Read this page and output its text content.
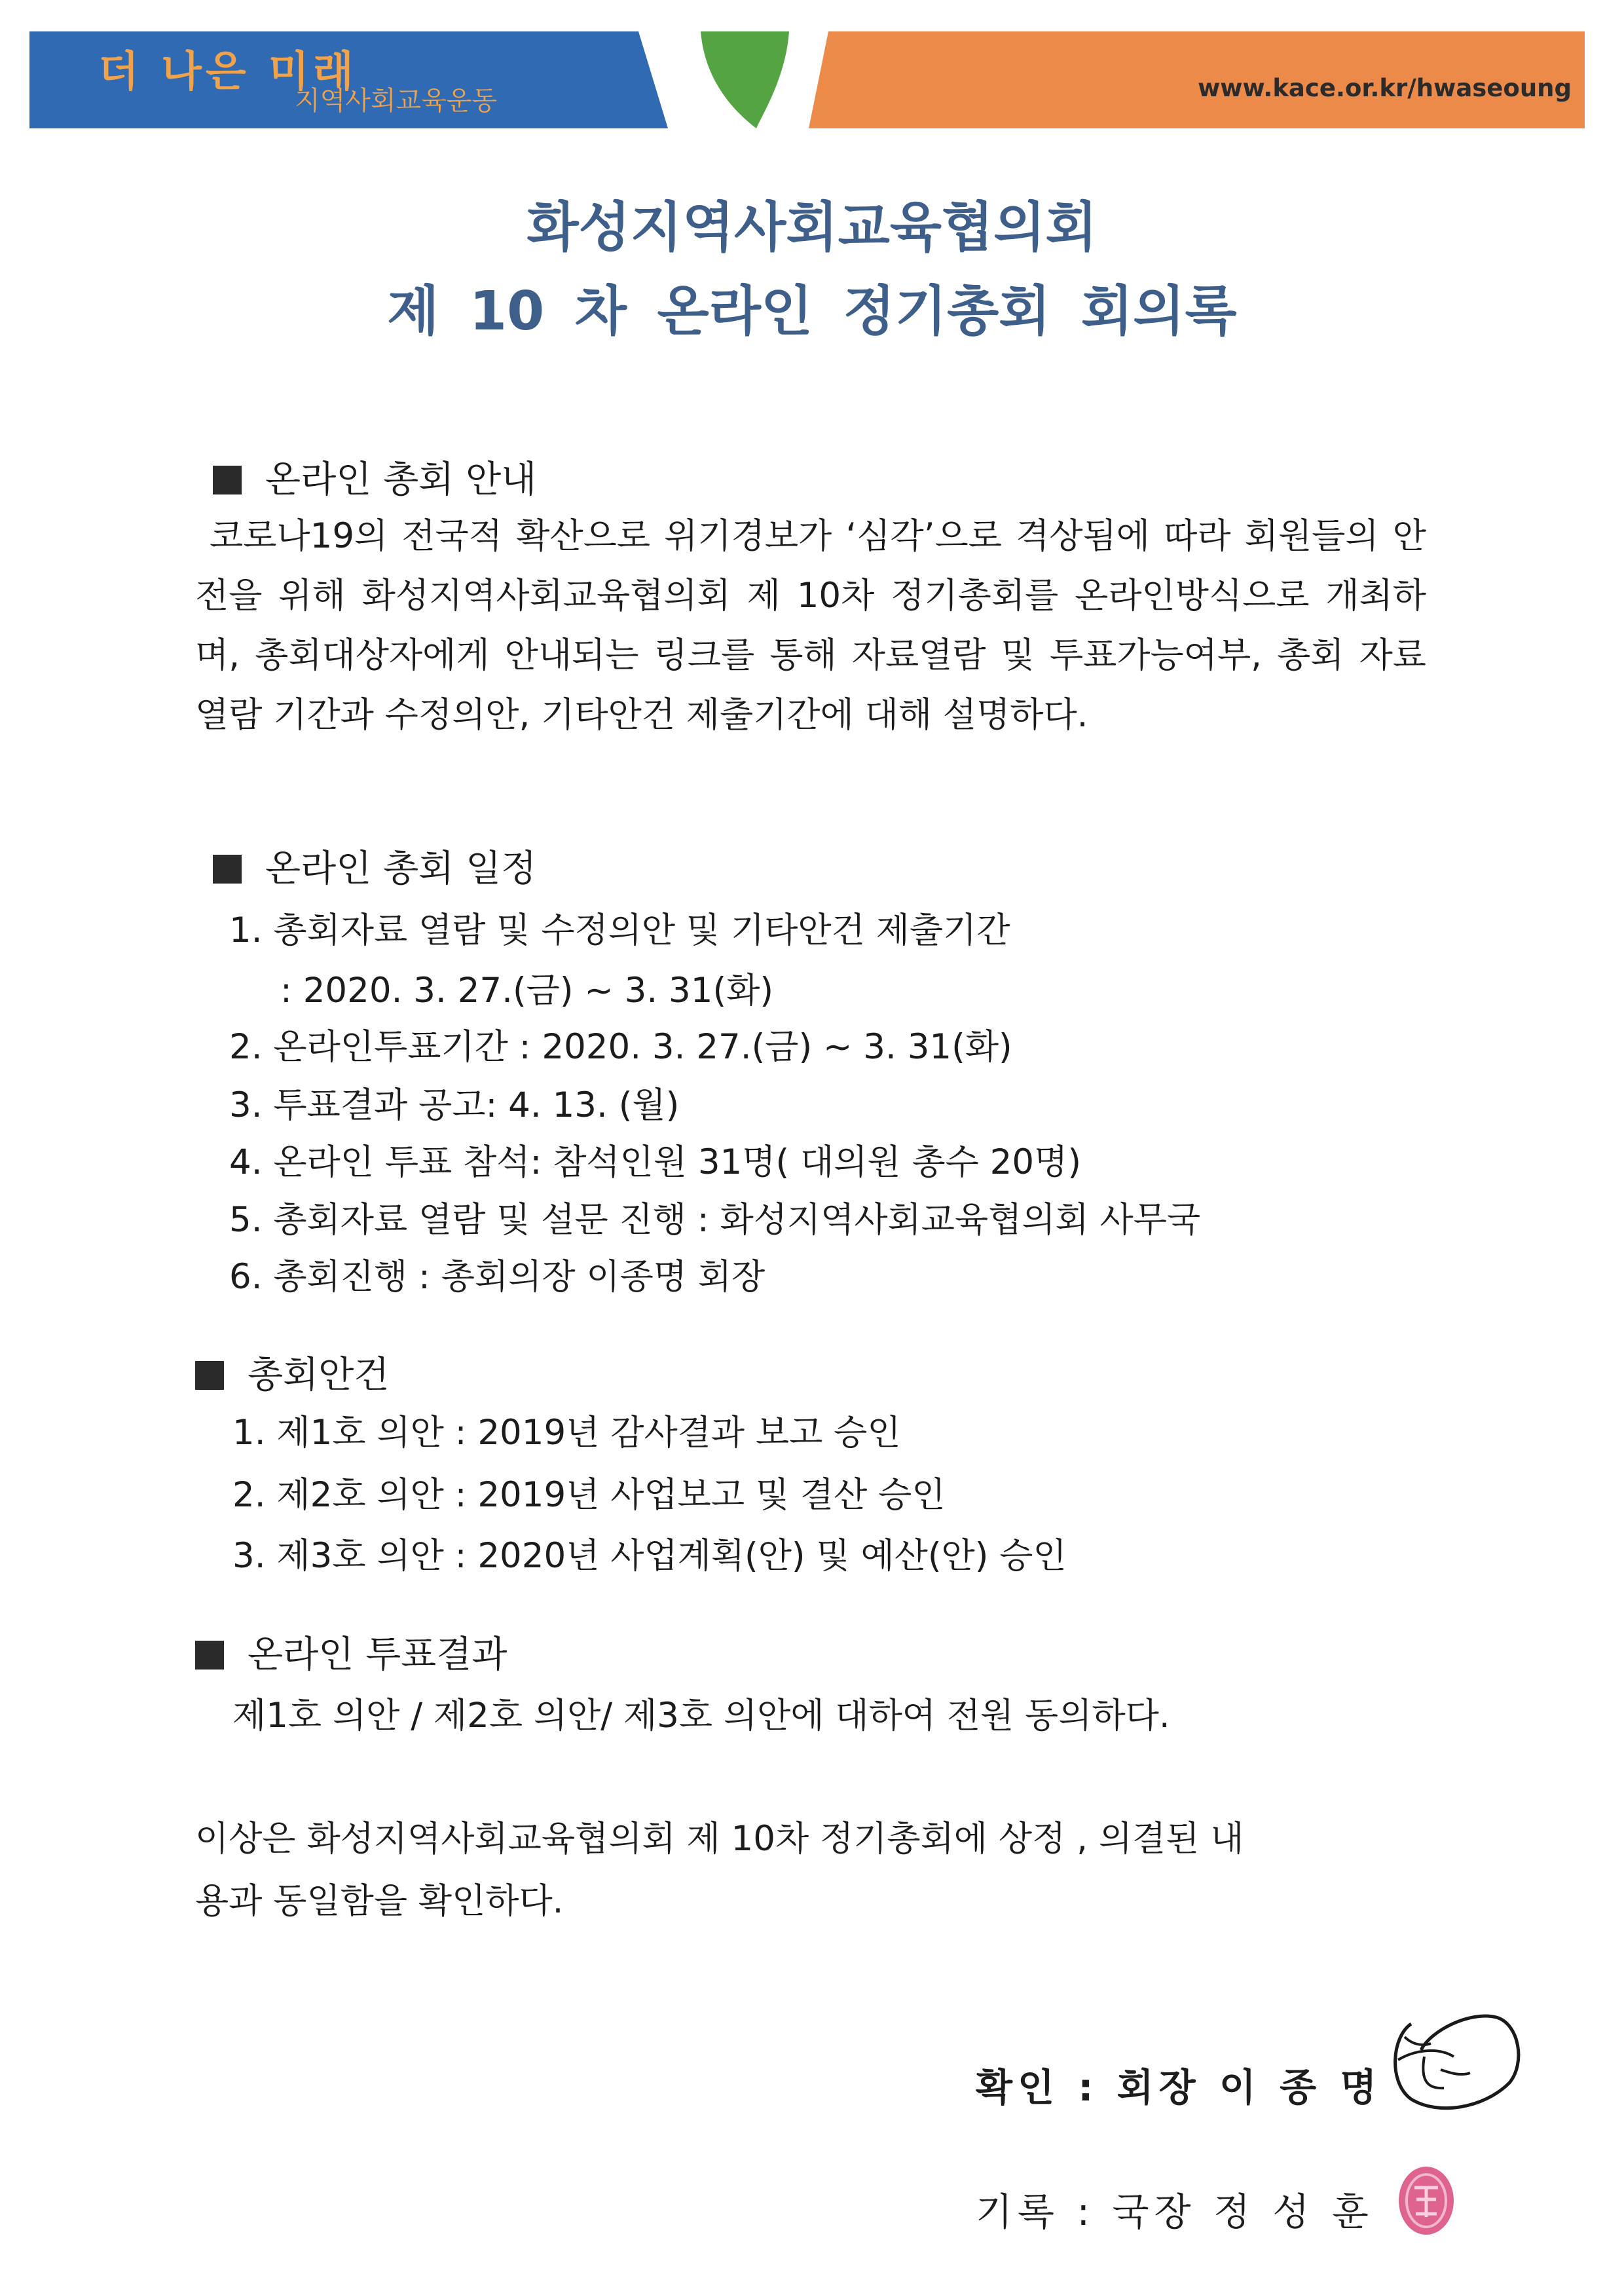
더 나은 미래
지역사회교육운동	www.kace.or.kr/hwaseoung
화성지역사회교육협의회
제 10 차 온라인 정기총회 회의록
온라인 총회 안내
코로나19의 전국적 확산으로 위기경보가 ‘심각’으로 격상됨에 따라 회원들의 안전을 위해 화성지역사회교육협의회 제 10차 정기총회를 온라인방식으로 개최하며, 총회대상자에게 안내되는 링크를 통해 자료열람 및 투표가능여부, 총회 자료 열람 기간과 수정의안, 기타안건 제출기간에 대해 설명하다.
온라인 총회 일정
1. 총회자료 열람 및 수정의안 및 기타안건 제출기간
: 2020. 3. 27.(금) ~ 3. 31(화)
2. 온라인투표기간 : 2020. 3. 27.(금) ~ 3. 31(화)
3. 투표결과 공고: 4. 13. (월)
4. 온라인 투표 참석: 참석인원 31명( 대의원 총수 20명)
5. 총회자료 열람 및 설문 진행 : 화성지역사회교육협의회 사무국
6. 총회진행 : 총회의장 이종명 회장
총회안건
1. 제1호 의안 : 2019년 감사결과 보고 승인
2. 제2호 의안 : 2019년 사업보고 및 결산 승인
3. 제3호 의안 : 2020년 사업계획(안) 및 예산(안) 승인
온라인 투표결과
제1호 의안 / 제2호 의안/ 제3호 의안에 대하여 전원 동의하다.
이상은 화성지역사회교육협의회 제 10차 정기총회에 상정 , 의결된 내
용과 동일함을 확인하다.
확인 : 회장 이 종 명
기록 : 국장 정 성 훈
